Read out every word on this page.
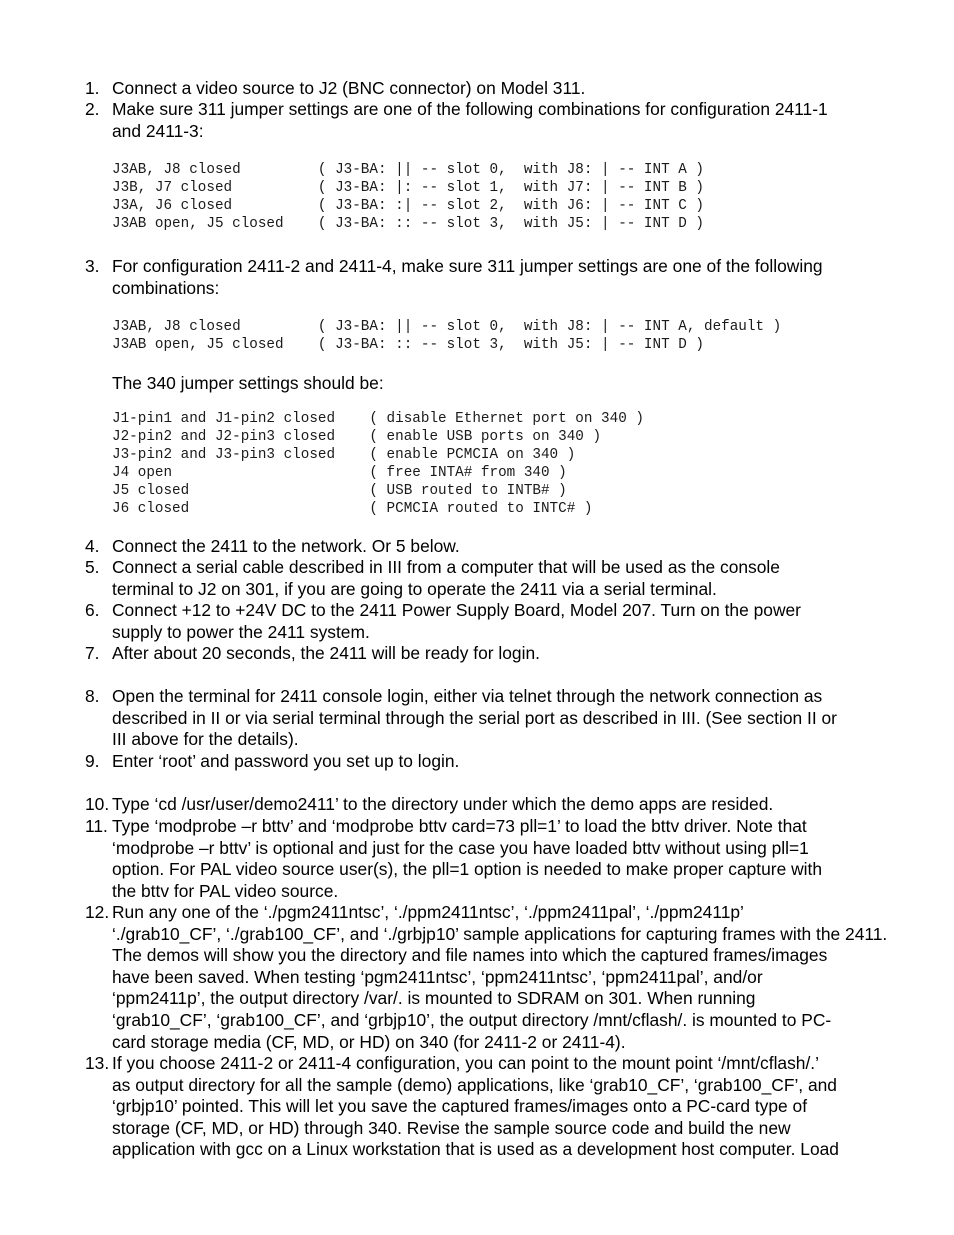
1. Connect a video source to J2 (BNC connector) on Model 311.
2. Make sure 311 jumper settings are one of the following combinations for configuration 2411-1
and 2411-3:
J3AB, J8 closed         ( J3-BA: || -- slot 0,  with J8: | -- INT A )
J3B, J7 closed          ( J3-BA: |: -- slot 1,  with J7: | -- INT B )
J3A, J6 closed          ( J3-BA: :| -- slot 2,  with J6: | -- INT C )
J3AB open, J5 closed    ( J3-BA: :: -- slot 3,  with J5: | -- INT D )
3. For configuration 2411-2 and 2411-4, make sure 311 jumper settings are one of the following
combinations:
J3AB, J8 closed         ( J3-BA: || -- slot 0,  with J8: | -- INT A, default )
J3AB open, J5 closed    ( J3-BA: :: -- slot 3,  with J5: | -- INT D )
The 340 jumper settings should be:
J1-pin1 and J1-pin2 closed    ( disable Ethernet port on 340 )
J2-pin2 and J2-pin3 closed    ( enable USB ports on 340 )
J3-pin2 and J3-pin3 closed    ( enable PCMCIA on 340 )
J4 open                       ( free INTA# from 340 )
J5 closed                     ( USB routed to INTB# )
J6 closed                     ( PCMCIA routed to INTC# )
4. Connect the 2411 to the network. Or 5 below.
5. Connect a serial cable described in III from a computer that will be used as the console
terminal to J2 on 301, if you are going to operate the 2411 via a serial terminal.
6. Connect +12 to +24V DC to the 2411 Power Supply Board, Model 207. Turn on the power
supply to power the 2411 system.
7. After about 20 seconds, the 2411 will be ready for login.
8. Open the terminal for 2411 console login, either via telnet through the network connection as
described in II or via serial terminal through the serial port as described in III. (See section II or
III above for the details).
9. Enter ‘root’ and password you set up to login.
10. Type ‘cd /usr/user/demo2411’ to the directory under which the demo apps are resided.
11. Type ‘modprobe –r bttv’ and ‘modprobe bttv card=73 pll=1’ to load the bttv driver. Note that
‘modprobe –r bttv’ is optional and just for the case you have loaded bttv without using pll=1
option. For PAL video source user(s), the pll=1 option is needed to make proper capture with
the bttv for PAL video source.
12. Run any one of the ‘./pgm2411ntsc’, ‘./ppm2411ntsc’, ‘./ppm2411pal’, ‘./ppm2411p’
‘./grab10_CF’, ‘./grab100_CF’, and ‘./grbjp10’ sample applications for capturing frames with the 2411.
The demos will show you the directory and file names into which the captured frames/images
have been saved. When testing ‘pgm2411ntsc’, ‘ppm2411ntsc’, ‘ppm2411pal’, and/or
‘ppm2411p’, the output directory /var/. is mounted to SDRAM on 301. When running
‘grab10_CF’, ‘grab100_CF’, and ‘grbjp10’, the output directory /mnt/cflash/. is mounted to PC-
card storage media (CF, MD, or HD) on 340 (for 2411-2 or 2411-4).
13. If you choose 2411-2 or 2411-4 configuration, you can point to the mount point ‘/mnt/cflash/.’
as output directory for all the sample (demo) applications, like ‘grab10_CF’, ‘grab100_CF’, and
‘grbjp10’ pointed. This will let you save the captured frames/images onto a PC-card type of
storage (CF, MD, or HD) through 340. Revise the sample source code and build the new
application with gcc on a Linux workstation that is used as a development host computer. Load
